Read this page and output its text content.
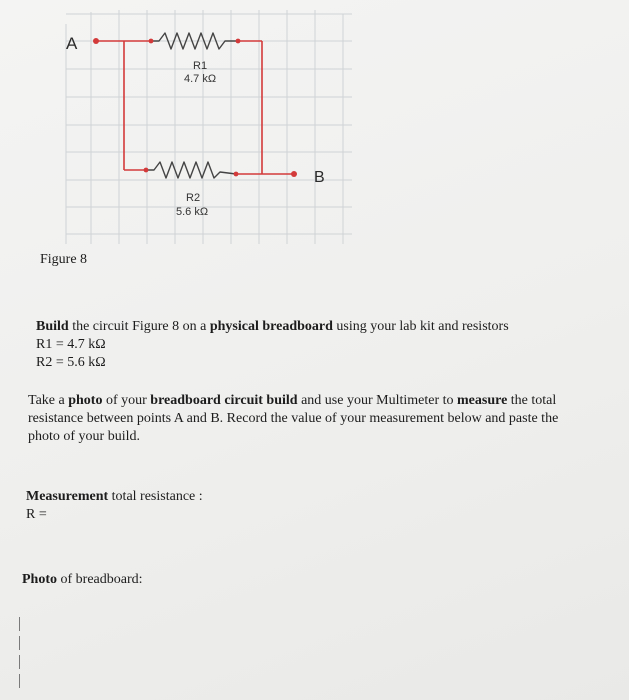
A
B
R1
4.7 kΩ
R2
5.6 kΩ
Figure 8
Build the circuit Figure 8 on a physical breadboard using your lab kit and resistors
R1 = 4.7 kΩ
R2 = 5.6 kΩ
Take a photo of your breadboard circuit build and use your Multimeter to measure the total
resistance between points A and B. Record the value of your measurement below and paste the
photo of your build.
Measurement total resistance :
R =
Photo of breadboard:
